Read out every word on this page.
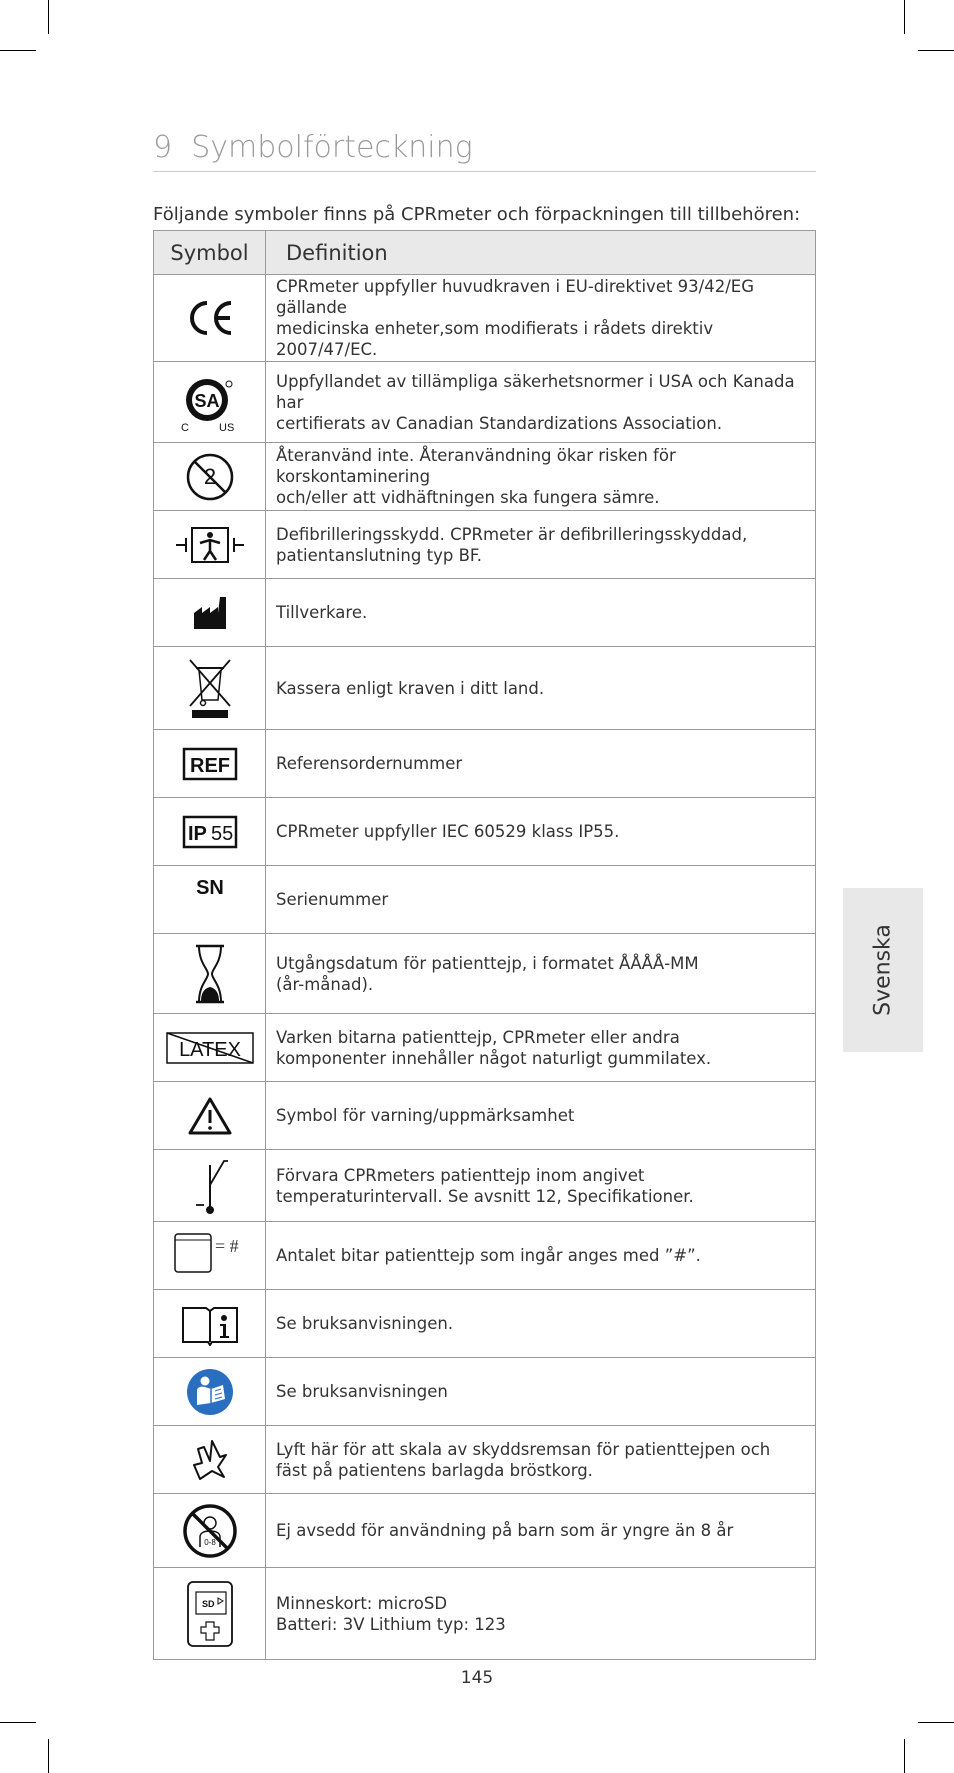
9 Symbolförteckning
Följande symboler finns på CPRmeter och förpackningen till tillbehören:
Symbol	Definition
	CPRmeter uppfyller huvudkraven i EU-direktivet 93/42/EG gällande
medicinska enheter,som modifierats i rådets direktiv 2007/47/EC.

SA
C US	Uppfyllandet av tillämpliga säkerhetsnormer i USA och Kanada har
certifierats av Canadian Standardizations Association.

2	Återanvänd inte. Återanvändning ökar risken för korskontaminering
och/eller att vidhäftningen ska fungera sämre.
	Defibrilleringsskydd. CPRmeter är defibrilleringsskyddad,
patientanslutning typ BF.
	Tillverkare.
	Kassera enligt kraven i ditt land.

REF	Referensordernummer

IP 55	CPRmeter uppfyller IEC 60529 klass IP55.

SN	Serienummer
	Utgångsdatum för patienttejp, i formatet ÅÅÅÅ-MM
(år-månad).

LATEX	Varken bitarna patienttejp, CPRmeter eller andra
komponenter innehåller något naturligt gummilatex.
	Symbol för varning/uppmärksamhet
	Förvara CPRmeters patienttejp inom angivet
temperaturintervall. Se avsnitt 12, Specifikationer.

= #	Antalet bitar patienttejp som ingår anges med ”#”.
	Se bruksanvisningen.
	Se bruksanvisningen
	Lyft här för att skala av skyddsremsan för patienttejpen och
fäst på patientens barlagda bröstkorg.

0-8	Ej avsedd för användning på barn som är yngre än 8 år

SD	Minneskort: microSD
Batteri: 3V Lithium typ: 123
Svenska
145
